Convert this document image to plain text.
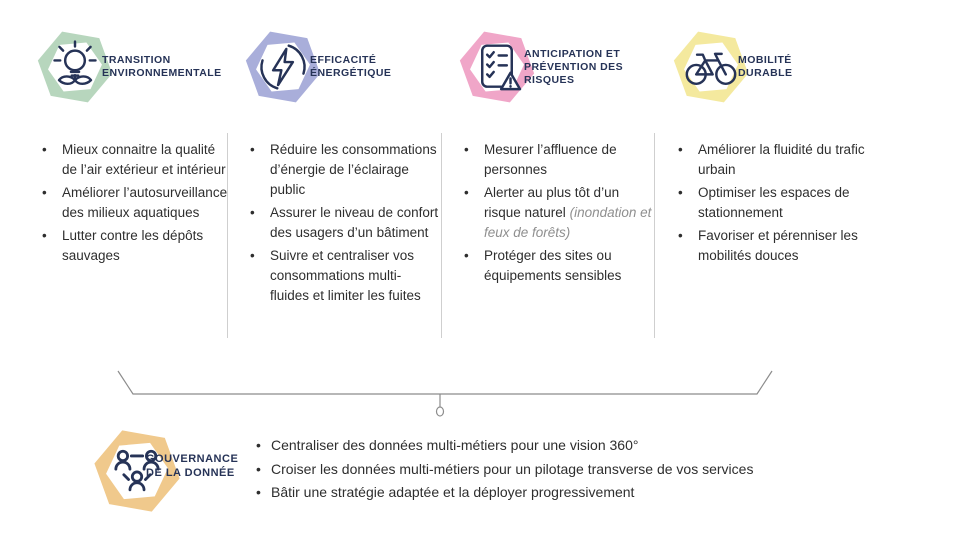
TRANSITION
ENVIRONNEMENTALE
• Mieux connaitre la qualité de l’air extérieur et intérieur
• Améliorer l’autosurveillance des milieux aquatiques
• Lutter contre les dépôts sauvages
EFFICACITÉ
ÉNERGÉTIQUE
• Réduire les consommations d’énergie de l’éclairage public
• Assurer le niveau de confort des usagers d’un bâtiment
• Suivre et centraliser vos consommations multi-fluides et limiter les fuites
ANTICIPATION ET
PRÉVENTION DES RISQUES
• Mesurer l’affluence de personnes
• Alerter au plus tôt d’un risque naturel (inondation et feux de forêts)
• Protéger des sites ou équipements sensibles
MOBILITÉ
DURABLE
• Améliorer la fluidité du trafic urbain
• Optimiser les espaces de stationnement
• Favoriser et pérenniser les mobilités douces
GOUVERNANCE
DE LA DONNÉE
• Centraliser des données multi-métiers pour une vision 360°
• Croiser les données multi-métiers pour un pilotage transverse de vos services
• Bâtir une stratégie adaptée et la déployer progressivement
